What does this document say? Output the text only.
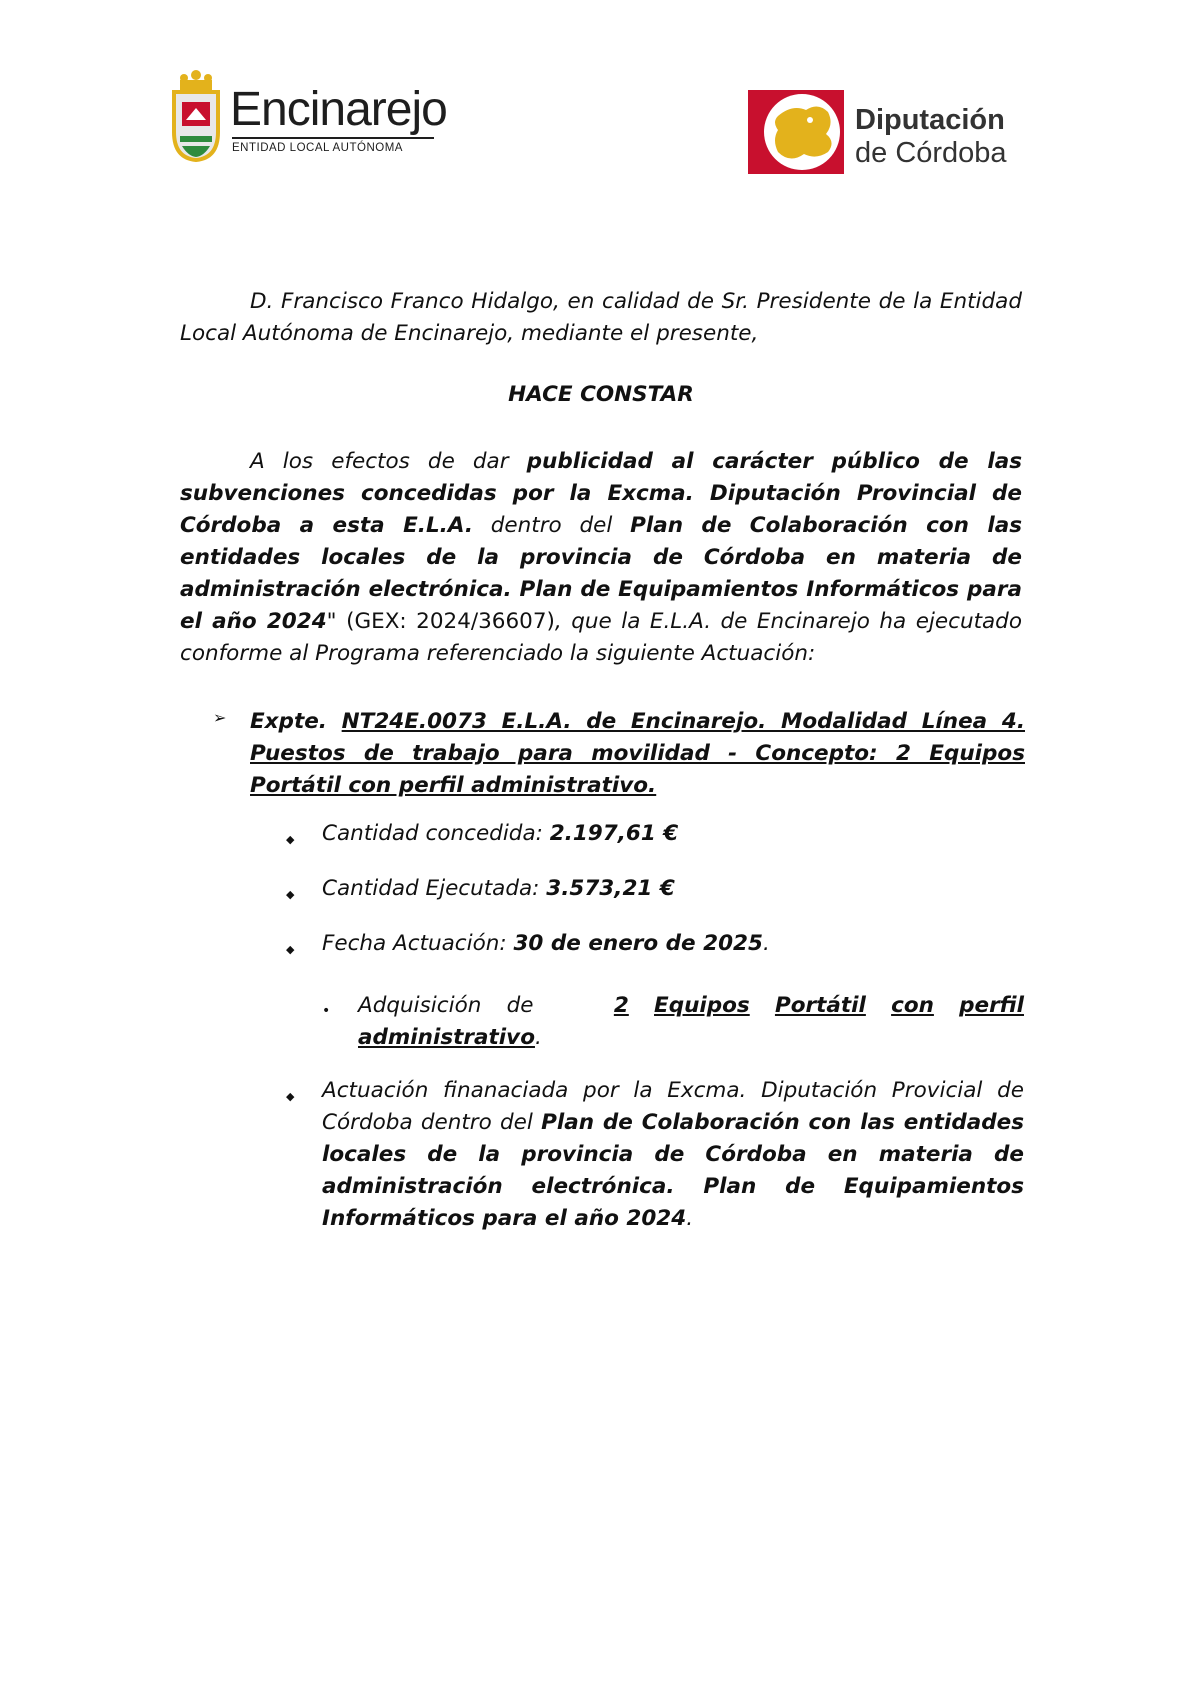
Encinarejo
ENTIDAD LOCAL AUTÓNOMA
Diputación
de Córdoba
D. Francisco Franco Hidalgo, en calidad de Sr. Presidente de la Entidad Local Autónoma de Encinarejo, mediante el presente,
HACE CONSTAR
A los efectos de dar publicidad al carácter público de las subvenciones concedidas por la Excma. Diputación Provincial de Córdoba a esta E.L.A. dentro del Plan de Colaboración con las entidades locales de la provincia de Córdoba en materia de administración electrónica. Plan de Equipamientos Informáticos para el año 2024" (GEX: 2024/36607), que la E.L.A. de Encinarejo ha ejecutado conforme al Programa referenciado la siguiente Actuación:
➢ Expte. NT24E.0073 E.L.A. de Encinarejo. Modalidad Línea 4. Puestos de trabajo para movilidad - Concepto: 2 Equipos Portátil con perfil administrativo.
◆ Cantidad concedida: 2.197,61 €
◆ Cantidad Ejecutada: 3.573,21 €
◆ Fecha Actuación: 30 de enero de 2025.
• Adquisición de	2 Equipos Portátil con perfil
administrativo.
◆ Actuación finanaciada por la Excma. Diputación Provicial de Córdoba dentro del Plan de Colaboración con las entidades locales de la provincia de Córdoba en materia de administración electrónica. Plan de Equipamientos Informáticos para el año 2024.
